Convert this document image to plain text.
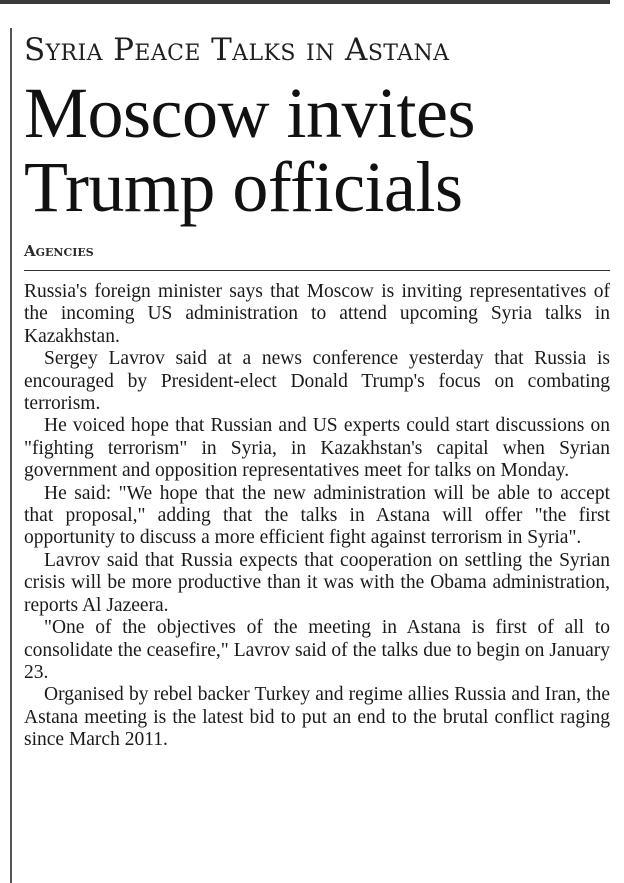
Syria Peace Talks in Astana
Moscow invites Trump officials
Agencies

Russia's foreign minister says that Moscow is inviting representatives of the incoming US administration to attend upcoming Syria talks in Kazakhstan.

Sergey Lavrov said at a news conference yesterday that Russia is encouraged by President-elect Donald Trump's focus on combating terrorism.

He voiced hope that Russian and US experts could start discussions on "fighting terrorism" in Syria, in Kazakhstan's capital when Syrian government and opposition representatives meet for talks on Monday.

He said: "We hope that the new administration will be able to accept that proposal," adding that the talks in Astana will offer "the first opportunity to discuss a more efficient fight against terrorism in Syria".

Lavrov said that Russia expects that cooperation on settling the Syrian crisis will be more productive than it was with the Obama administration, reports Al Jazeera.

"One of the objectives of the meeting in Astana is first of all to consolidate the ceasefire," Lavrov said of the talks due to begin on January 23.

Organised by rebel backer Turkey and regime allies Russia and Iran, the Astana meeting is the latest bid to put an end to the brutal conflict raging since March 2011.
